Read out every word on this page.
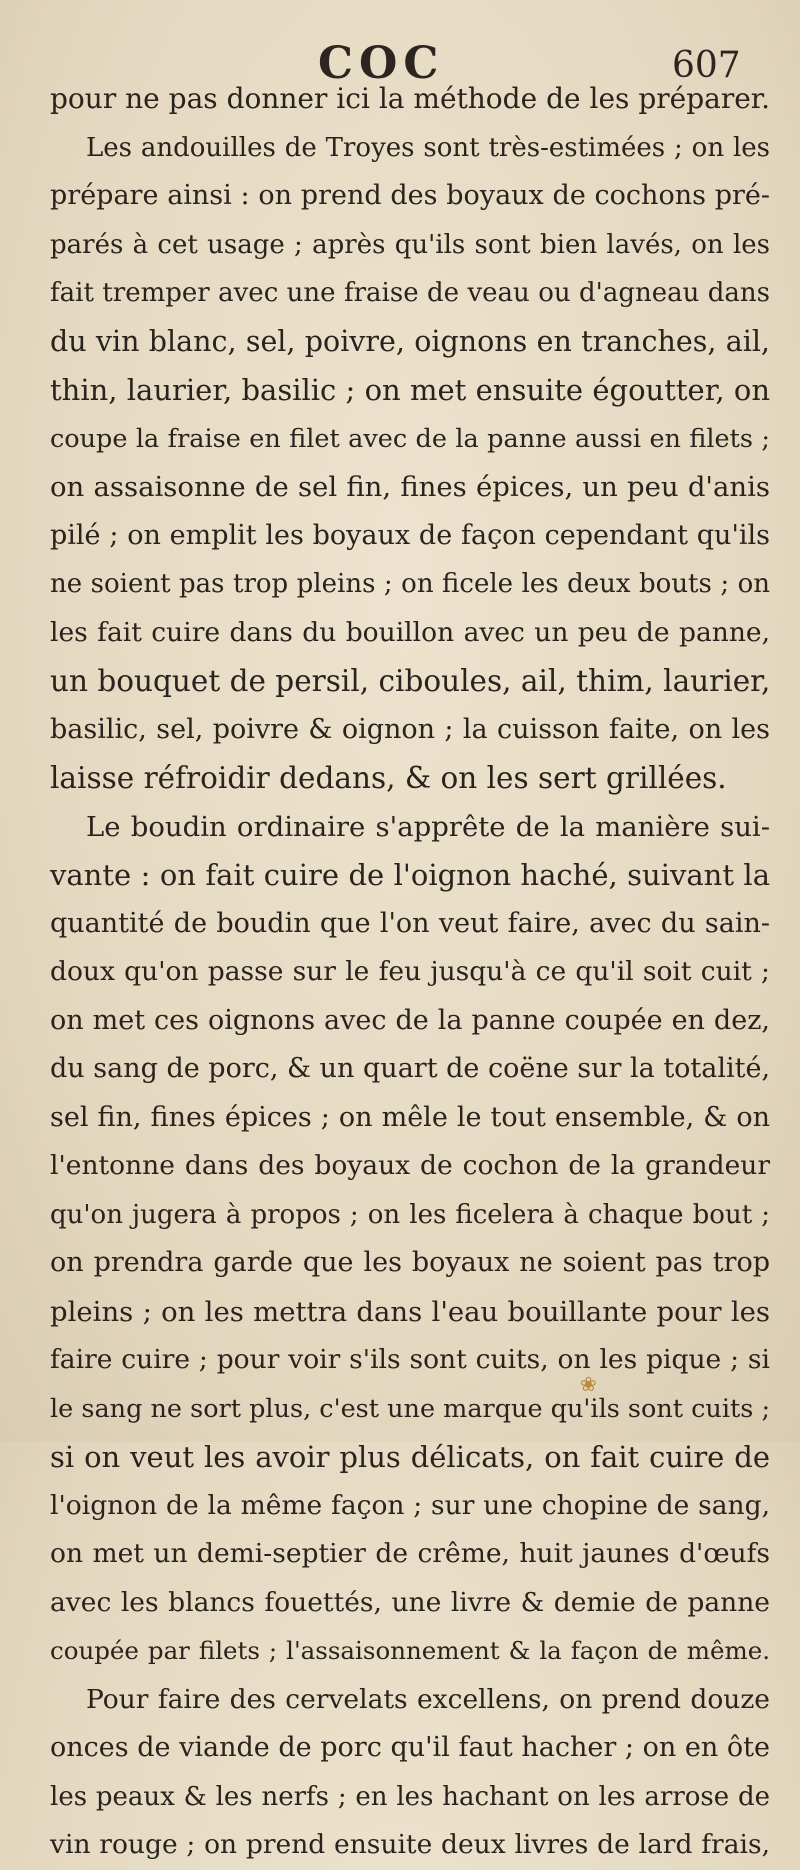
COC	607
pour ne pas donner ici la méthode de les préparer.
Les andouilles de Troyes sont très-estimées ; on les
prépare ainsi : on prend des boyaux de cochons pré-
parés à cet usage ; après qu'ils sont bien lavés, on les
fait tremper avec une fraise de veau ou d'agneau dans
du vin blanc, sel, poivre, oignons en tranches, ail,
thin, laurier, basilic ; on met ensuite égoutter, on
coupe la fraise en filet avec de la panne aussi en filets ;
on assaisonne de sel fin, fines épices, un peu d'anis
pilé ; on emplit les boyaux de façon cependant qu'ils
ne soient pas trop pleins ; on ficele les deux bouts ; on
les fait cuire dans du bouillon avec un peu de panne,
un bouquet de persil, ciboules, ail, thim, laurier,
basilic, sel, poivre & oignon ; la cuisson faite, on les
laisse réfroidir dedans, & on les sert grillées.
Le boudin ordinaire s'apprête de la manière sui-
vante : on fait cuire de l'oignon haché, suivant la
quantité de boudin que l'on veut faire, avec du sain-
doux qu'on passe sur le feu jusqu'à ce qu'il soit cuit ;
on met ces oignons avec de la panne coupée en dez,
du sang de porc, & un quart de coëne sur la totalité,
sel fin, fines épices ; on mêle le tout ensemble, & on
l'entonne dans des boyaux de cochon de la grandeur
qu'on jugera à propos ; on les ficelera à chaque bout ;
on prendra garde que les boyaux ne soient pas trop
pleins ; on les mettra dans l'eau bouillante pour les
faire cuire ; pour voir s'ils sont cuits, on les pique ; si
le sang ne sort plus, c'est une marque qu'ils sont cuits ;
si on veut les avoir plus délicats, on fait cuire de
l'oignon de la même façon ; sur une chopine de sang,
on met un demi-septier de crême, huit jaunes d'œufs
avec les blancs fouettés, une livre & demie de panne
coupée par filets ; l'assaisonnement & la façon de même.
Pour faire des cervelats excellens, on prend douze
onces de viande de porc qu'il faut hacher ; on en ôte
les peaux & les nerfs ; en les hachant on les arrose de
vin rouge ; on prend ensuite deux livres de lard frais,
❀
